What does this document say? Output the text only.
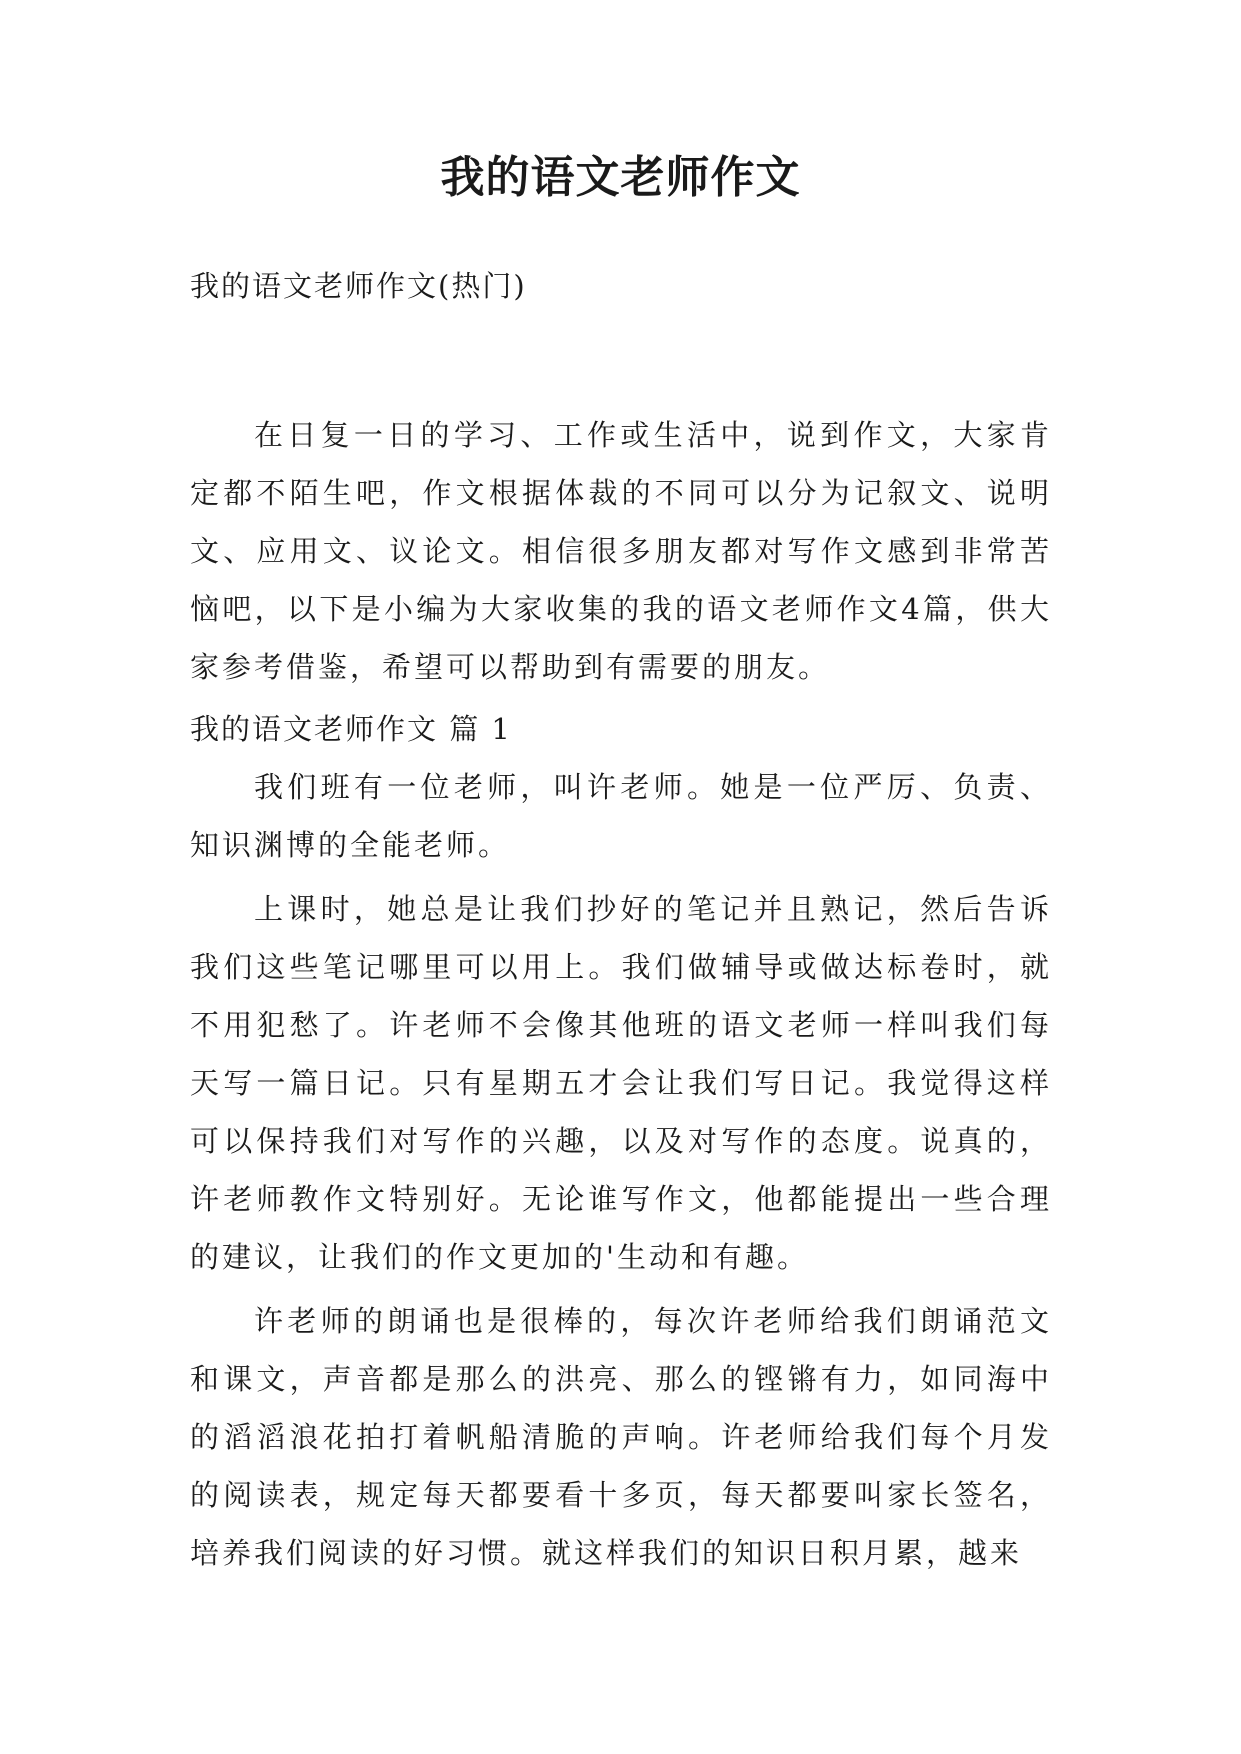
我的语文老师作文

我的语文老师作文(热门)

在日复一日的学习、工作或生活中，说到作文，大家肯定都不陌生吧，作文根据体裁的不同可以分为记叙文、说明文、应用文、议论文。相信很多朋友都对写作文感到非常苦恼吧，以下是小编为大家收集的我的语文老师作文4篇，供大家参考借鉴，希望可以帮助到有需要的朋友。

我的语文老师作文 篇 1

我们班有一位老师，叫许老师。她是一位严厉、负责、知识渊博的全能老师。

上课时，她总是让我们抄好的笔记并且熟记，然后告诉我们这些笔记哪里可以用上。我们做辅导或做达标卷时，就不用犯愁了。许老师不会像其他班的语文老师一样叫我们每天写一篇日记。只有星期五才会让我们写日记。我觉得这样可以保持我们对写作的兴趣，以及对写作的态度。说真的，许老师教作文特别好。无论谁写作文，他都能提出一些合理的建议，让我们的作文更加的'生动和有趣。

许老师的朗诵也是很棒的，每次许老师给我们朗诵范文和课文，声音都是那么的洪亮、那么的铿锵有力，如同海中的滔滔浪花拍打着帆船清脆的声响。许老师给我们每个月发的阅读表，规定每天都要看十多页，每天都要叫家长签名，培养我们阅读的好习惯。就这样我们的知识日积月累，越来
